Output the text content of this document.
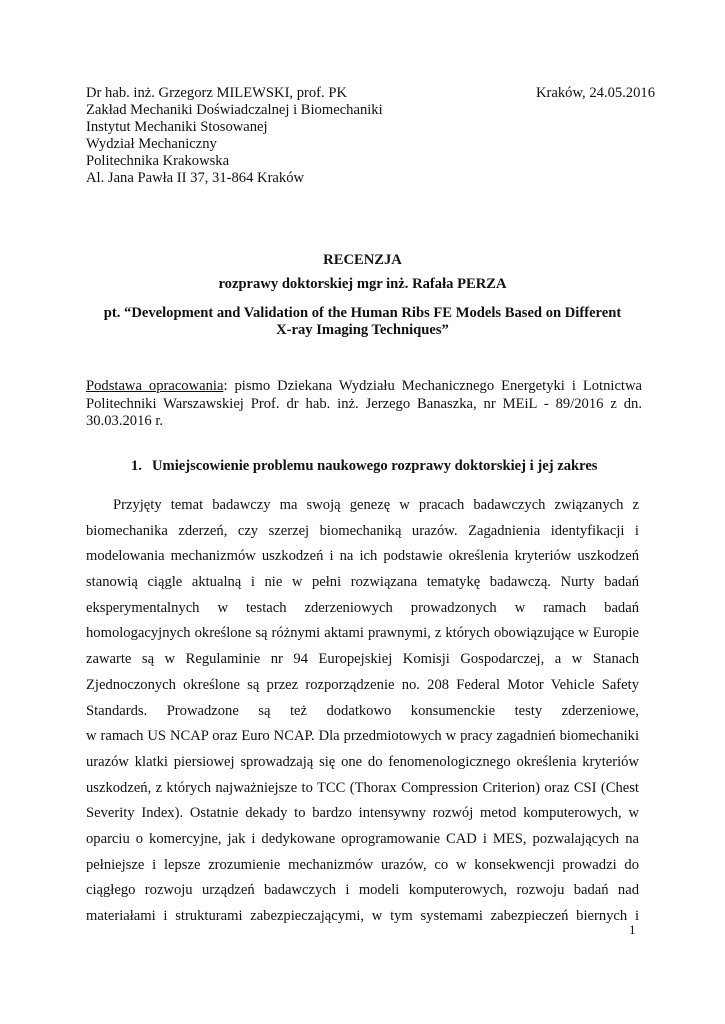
Dr hab. inż. Grzegorz MILEWSKI, prof. PK
Zakład Mechaniki Doświadczalnej i Biomechaniki
Instytut Mechaniki Stosowanej
Wydział Mechaniczny
Politechnika Krakowska
Al. Jana Pawła II 37, 31-864 Kraków
Kraków, 24.05.2016
RECENZJA
rozprawy doktorskiej mgr inż. Rafała PERZA
pt. “Development and Validation of the Human Ribs FE Models Based on Different
X-ray Imaging Techniques”
Podstawa opracowania: pismo Dziekana Wydziału Mechanicznego Energetyki i Lotnictwa Politechniki Warszawskiej Prof. dr hab. inż. Jerzego Banaszka, nr MEiL - 89/2016 z dn. 30.03.2016 r.
1. Umiejscowienie problemu naukowego rozprawy doktorskiej i jej zakres
Przyjęty temat badawczy ma swoją genezę w pracach badawczych związanych z
biomechanika zderzeń, czy szerzej biomechaniką urazów. Zagadnienia identyfikacji i
modelowania mechanizmów uszkodzeń i na ich podstawie określenia kryteriów uszkodzeń
stanowią ciągle aktualną i nie w pełni rozwiązana tematykę badawczą. Nurty badań
eksperymentalnych w testach zderzeniowych prowadzonych w ramach badań
homologacyjnych określone są różnymi aktami prawnymi, z których obowiązujące w Europie
zawarte są w Regulaminie nr 94 Europejskiej Komisji Gospodarczej, a w Stanach
Zjednoczonych określone są przez rozporządzenie no. 208 Federal Motor Vehicle Safety
Standards. Prowadzone są też dodatkowo konsumenckie testy zderzeniowe,
w ramach US NCAP oraz Euro NCAP. Dla przedmiotowych w pracy zagadnień biomechaniki
urazów klatki piersiowej sprowadzają się one do fenomenologicznego określenia kryteriów
uszkodzeń, z których najważniejsze to TCC (Thorax Compression Criterion) oraz CSI (Chest
Severity Index). Ostatnie dekady to bardzo intensywny rozwój metod komputerowych, w
oparciu o komercyjne, jak i dedykowane oprogramowanie CAD i MES, pozwalających na
pełniejsze i lepsze zrozumienie mechanizmów urazów, co w konsekwencji prowadzi do
ciągłego rozwoju urządzeń badawczych i modeli komputerowych, rozwoju badań nad
materiałami i strukturami zabezpieczającymi, w tym systemami zabezpieczeń biernych i
1
